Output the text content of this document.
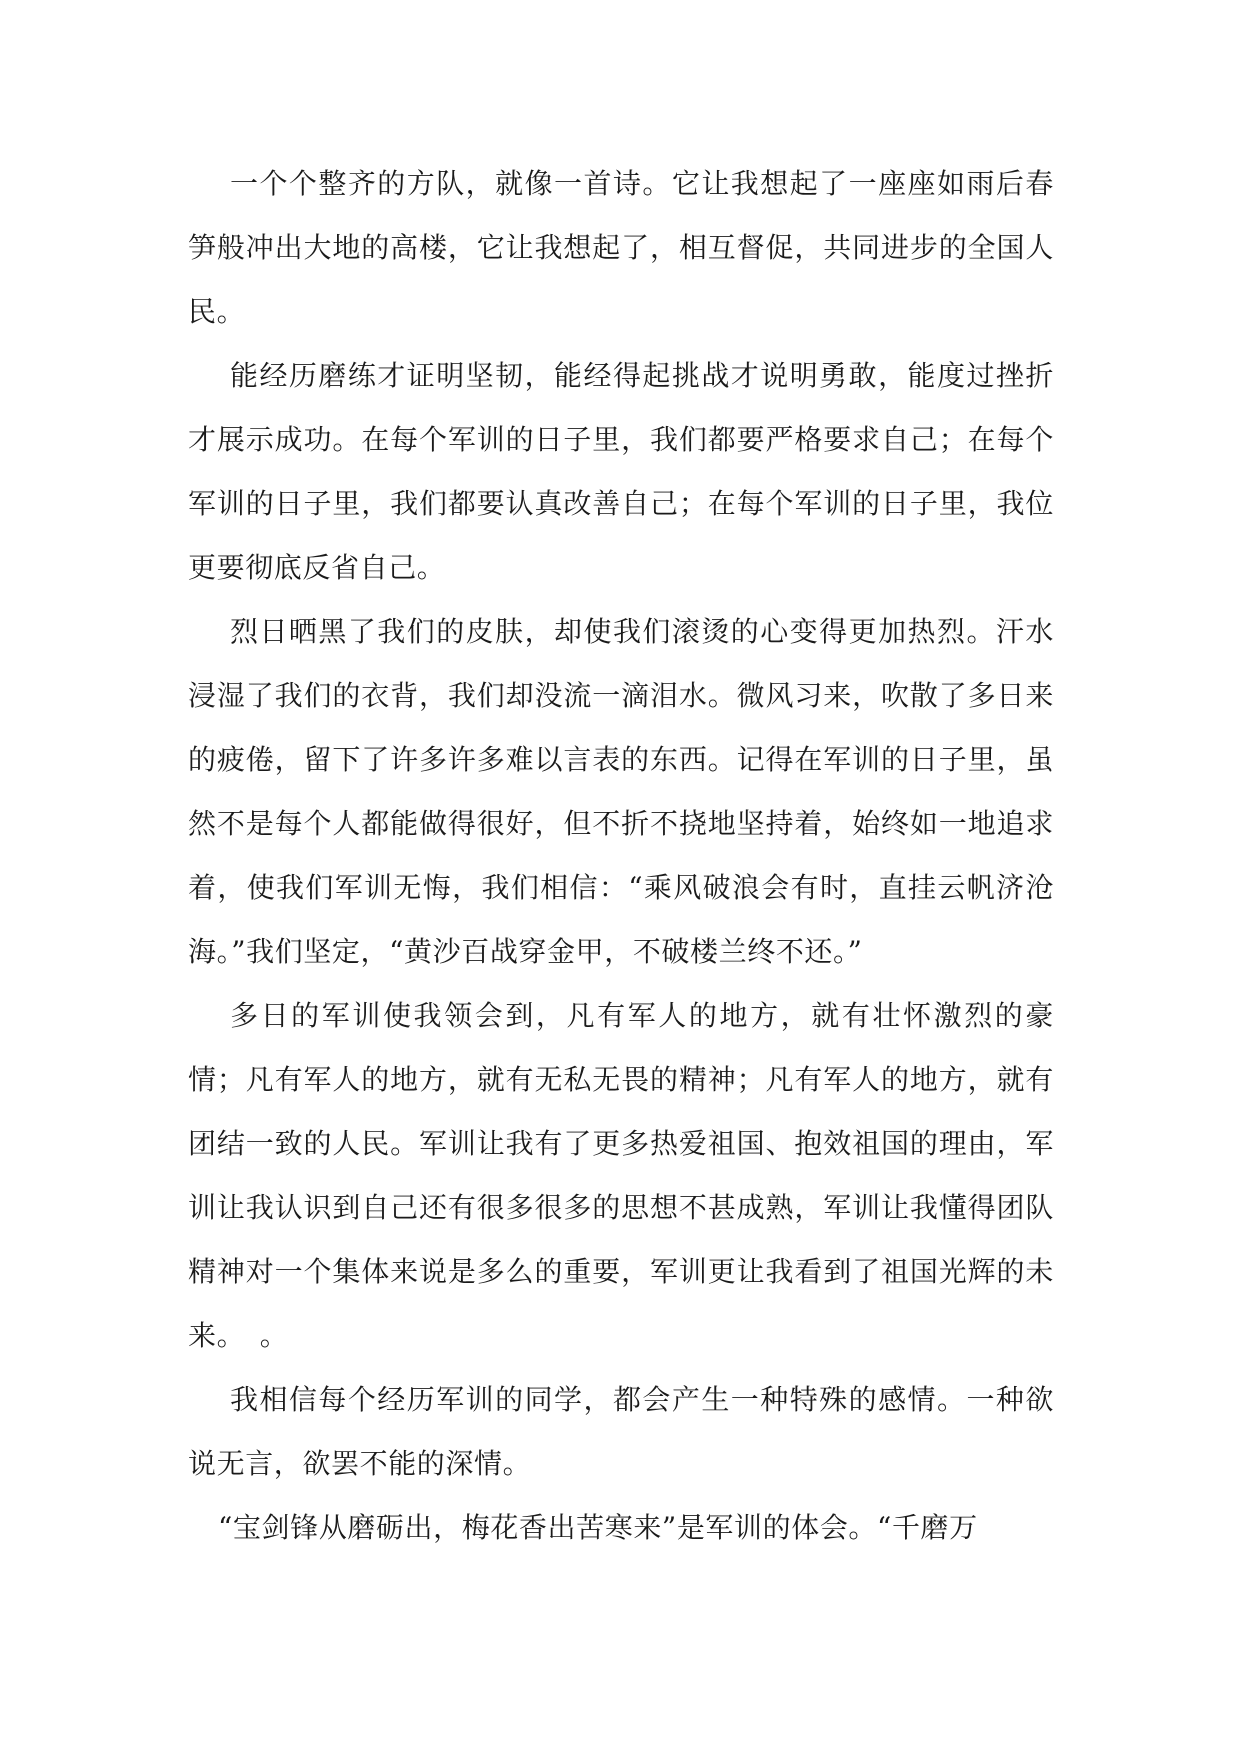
一个个整齐的方队，就像一首诗。它让我想起了一座座如雨后春笋般冲出大地的高楼，它让我想起了，相互督促，共同进步的全国人民。

能经历磨练才证明坚韧，能经得起挑战才说明勇敢，能度过挫折才展示成功。在每个军训的日子里，我们都要严格要求自己；在每个军训的日子里，我们都要认真改善自己；在每个军训的日子里，我位更要彻底反省自己。

烈日晒黑了我们的皮肤，却使我们滚烫的心变得更加热烈。汗水浸湿了我们的衣背，我们却没流一滴泪水。微风习来，吹散了多日来的疲倦，留下了许多许多难以言表的东西。记得在军训的日子里，虽然不是每个人都能做得很好，但不折不挠地坚持着，始终如一地追求着，使我们军训无悔，我们相信：“乘风破浪会有时，直挂云帆济沧海。”我们坚定，“黄沙百战穿金甲，不破楼兰终不还。”

多日的军训使我领会到，凡有军人的地方，就有壮怀激烈的豪情；凡有军人的地方，就有无私无畏的精神；凡有军人的地方，就有团结一致的人民。军训让我有了更多热爱祖国、抱效祖国的理由，军训让我认识到自己还有很多很多的思想不甚成熟，军训让我懂得团队精神对一个集体来说是多么的重要，军训更让我看到了祖国光辉的未来。　。

我相信每个经历军训的同学，都会产生一种特殊的感情。一种欲说无言，欲罢不能的深情。

“宝剑锋从磨砺出，梅花香出苦寒来”是军训的体会。“千磨万
